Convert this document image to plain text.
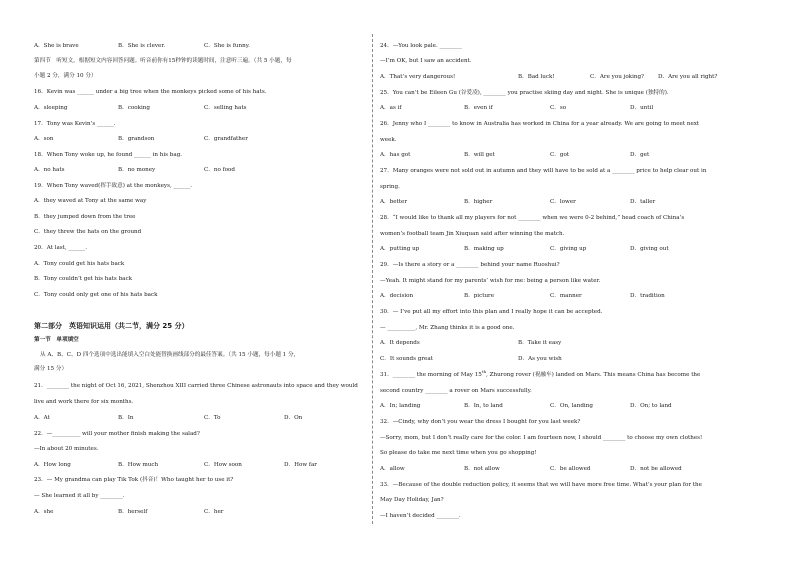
A．She is brave	B．She is clever.	C．She is funny.
第四节　听短文，根据短文内容回答问题。听音前你有15秒钟的读题时间，注意听三遍。（共 5 小题，每
小题 2 分，满分 10 分）
16．Kevin was ______ under a big tree when the monkeys picked some of his hats.
A．sleeping	B．cooking	C．selling hats
17．Tony was Kevin’s ______.
A．son	B．grandson	C．grandfather
18．When Tony woke up, he found ______ in his bag.
A．no hats	B．no money	C．no food
19．When Tony waved(挥手致意) at the monkeys, ______.
A．they waved at Tony at the same way
B．they jumped down from the tree
C．they threw the hats on the ground
20．At last, ______.
A．Tony could get his hats back
B．Tony couldn’t get his hats back
C．Tony could only get one of his hats back
第二部分　英语知识运用（共二节，满分 25 分）
第一节　单项填空
从 A、B、C、D 四个选项中选出能填入空白处能替换画线部分的最佳答案。（共 15 小题，每小题 1 分，
满分 15 分）
21．________ the night of Oct 16, 2021, Shenzhou XIII carried three Chinese astronauts into space and they would
live and work there for six months.
A．At	B．In	C．To	D．On
22．—__________ will your mother finish making the salad?
—In about 20 minutes.
A．How long	B．How much	C．How soon	D．How far
23．— My grandma can play Tik Tok (抖音)！Who taught her to use it?
— She learned it all by ________.
A．she	B．herself	C．her
24．—You look pale. ________
—I’m OK, but I saw an accident.
A．That’s very dangerous!	B．Bad luck!	C．Are you joking? D．Are you all right?
25．You can’t be Eileen Gu (谷爱凌), ________ you practise skiing day and night. She is unique (独特的).
A．as if	B．even if	C．so	D．until
26．Jenny who I ________ to know in Australia has worked in China for a year already. We are going to meet next
week.
A．has got	B．will get	C．got	D．get
27．Many oranges were not sold out in autumn and they will have to be sold at a ________ price to help clear out in
spring.
A．better	B．higher	C．lower	D．taller
28．“I would like to thank all my players for not ________ when we were 0-2 behind,” head coach of China’s
women’s football team Jin Xiuquan said after winning the match.
A．putting up	B．making up	C．giving up	D．giving out
29．—Is there a story or a ________ behind your name Ruoshui?
—Yeah. It might stand for my parents’ wish for me: being a person like water.
A．decision	B．picture	C．manner	D．tradition
30．— I’ve put all my effort into this plan and I really hope it can be accepted.
— __________, Mr. Zhang thinks it is a good one.
A．It depends	B．Take it easy
C．It sounds great	D．As you wish
31．________ the morning of May 15th, Zhurong rover (祝融车) landed on Mars. This means China has become the
second country ________ a rover on Mars successfully.
A．In; landing	B．In, to land	C．On, landing	D．On; to land
32．—Cindy, why don’t you wear the dress I bought for you last week?
—Sorry, mom, but I don’t really care for the color. I am fourteen now, I should ________ to choose my own clothes!
So please do take me next time when you go shopping!
A．allow	B．not allow	C．be allowed	D．not be allowed
33．—Because of the double reduction policy, it seems that we will have more free time. What’s your plan for the
May Day Holiday, Jan?
—I haven’t decided ________.
